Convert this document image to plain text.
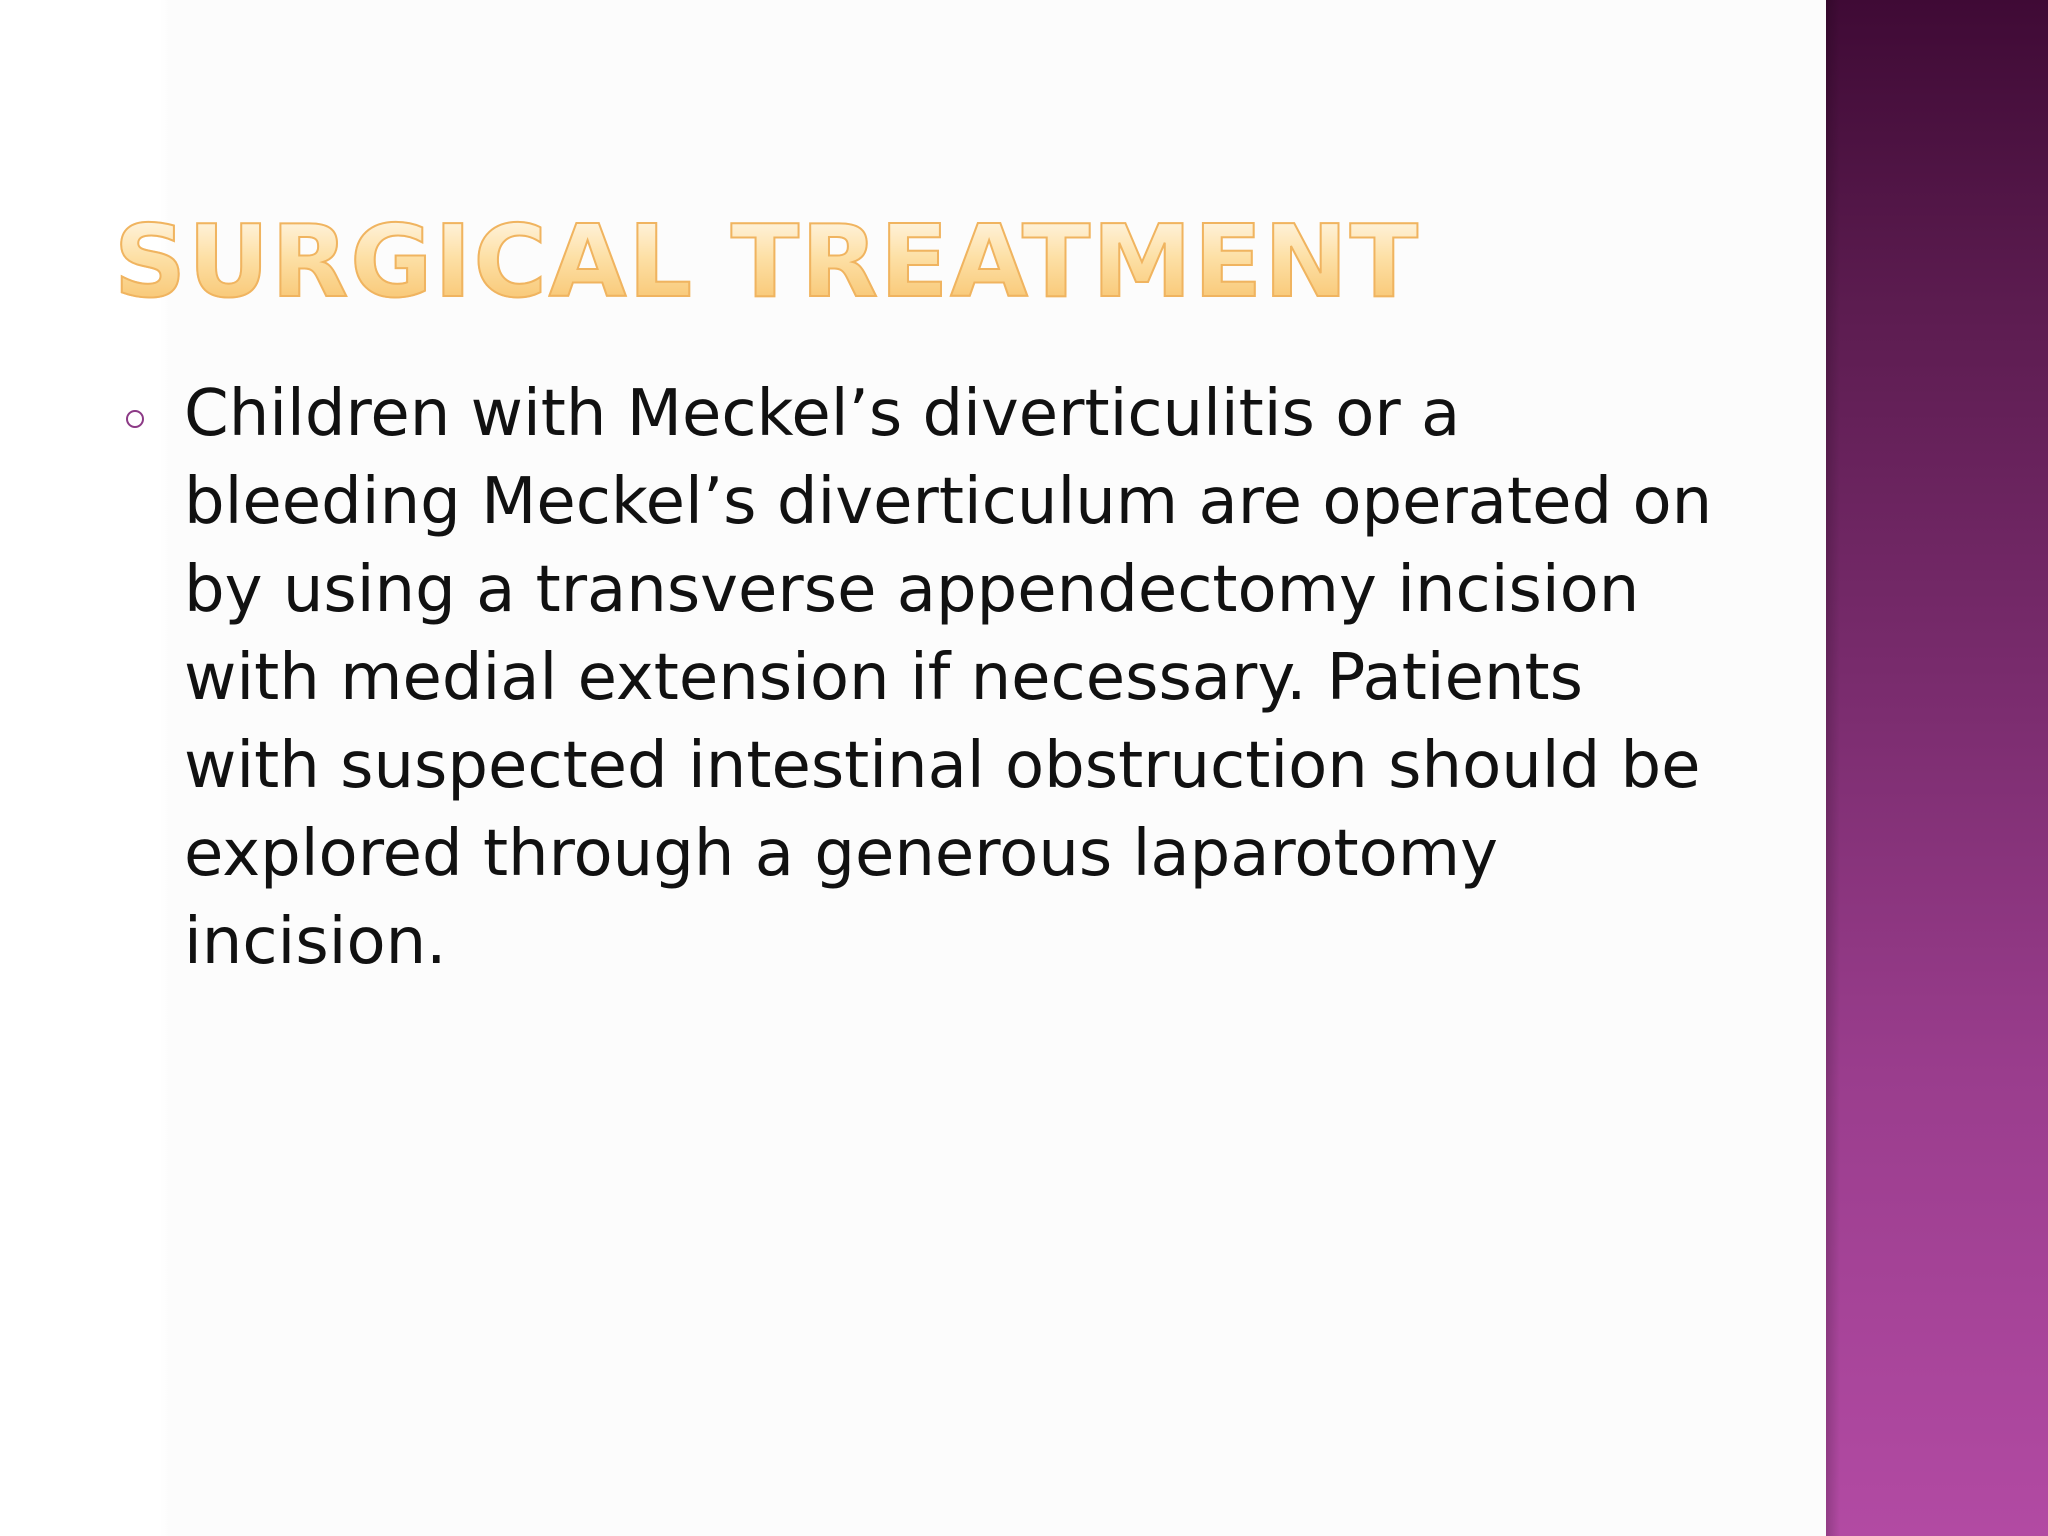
SURGICAL TREATMENT
Children with Meckel’s diverticulitis or a bleeding Meckel’s diverticulum are operated on by using a transverse appendectomy incision with medial extension if necessary. Patients with suspected intestinal obstruction should be explored through a generous laparotomy incision.
